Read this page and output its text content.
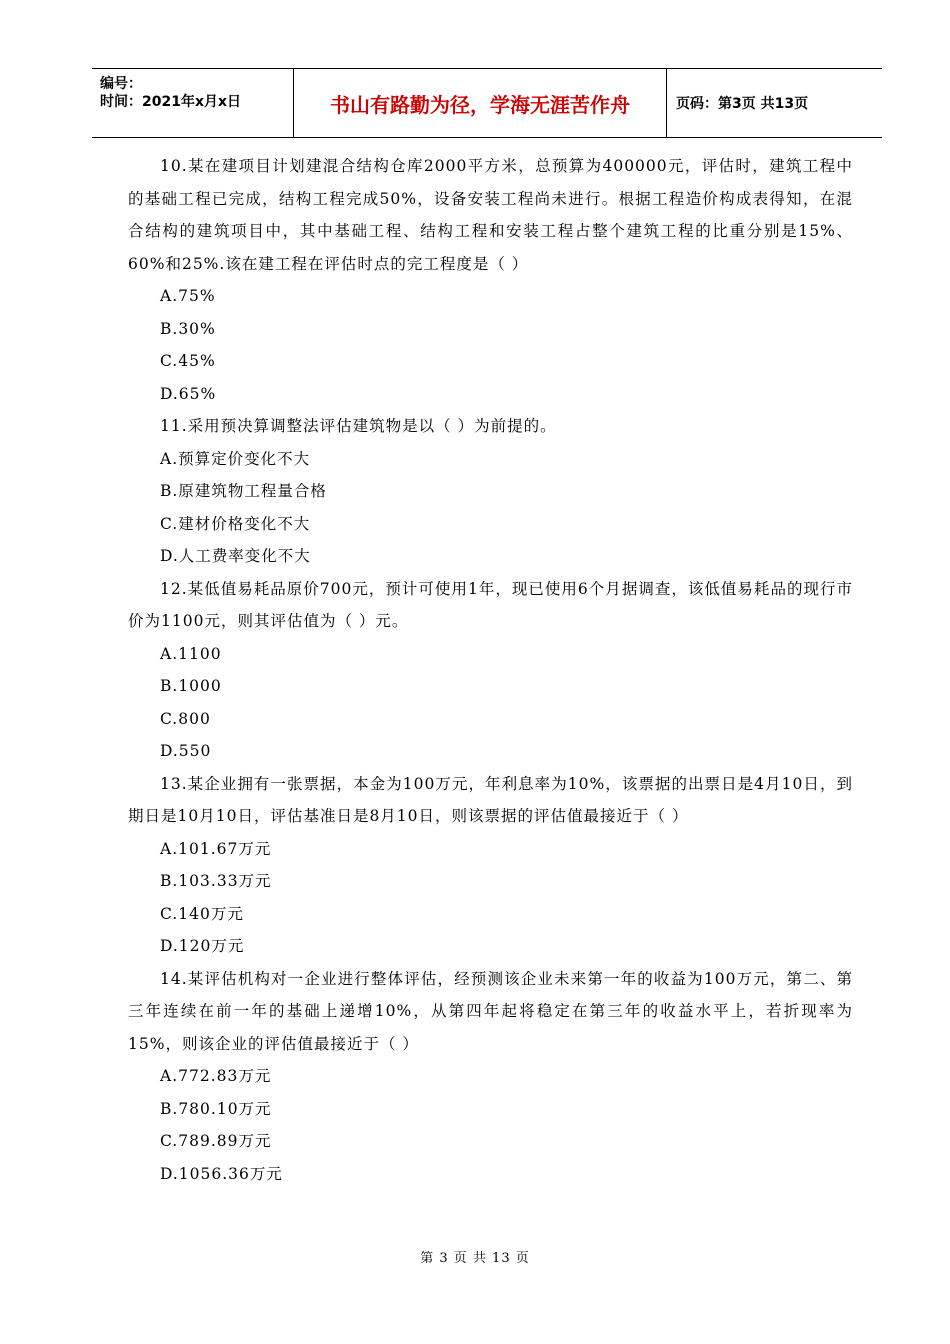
编号：
时间：2021年x月x日	书山有路勤为径，学海无涯苦作舟	页码：第3页 共13页
10.某在建项目计划建混合结构仓库2000平方米，总预算为400000元，评估时，建筑工程中的基础工程已完成，结构工程完成50%，设备安装工程尚未进行。根据工程造价构成表得知，在混合结构的建筑项目中，其中基础工程、结构工程和安装工程占整个建筑工程的比重分别是15%、60%和25%.该在建工程在评估时点的完工程度是（ ）
A.75%
B.30%
C.45%
D.65%
11.采用预决算调整法评估建筑物是以（ ）为前提的。
A.预算定价变化不大
B.原建筑物工程量合格
C.建材价格变化不大
D.人工费率变化不大
12.某低值易耗品原价700元，预计可使用1年，现已使用6个月据调查，该低值易耗品的现行市价为1100元，则其评估值为（ ）元。
A.1100
B.1000
C.800
D.550
13.某企业拥有一张票据，本金为100万元，年利息率为10%，该票据的出票日是4月10日，到期日是10月10日，评估基准日是8月10日，则该票据的评估值最接近于（ ）
A.101.67万元
B.103.33万元
C.140万元
D.120万元
14.某评估机构对一企业进行整体评估，经预测该企业未来第一年的收益为100万元，第二、第三年连续在前一年的基础上递增10%，从第四年起将稳定在第三年的收益水平上，若折现率为15%，则该企业的评估值最接近于（ ）
A.772.83万元
B.780.10万元
C.789.89万元
D.1056.36万元
第 3 页 共 13 页
